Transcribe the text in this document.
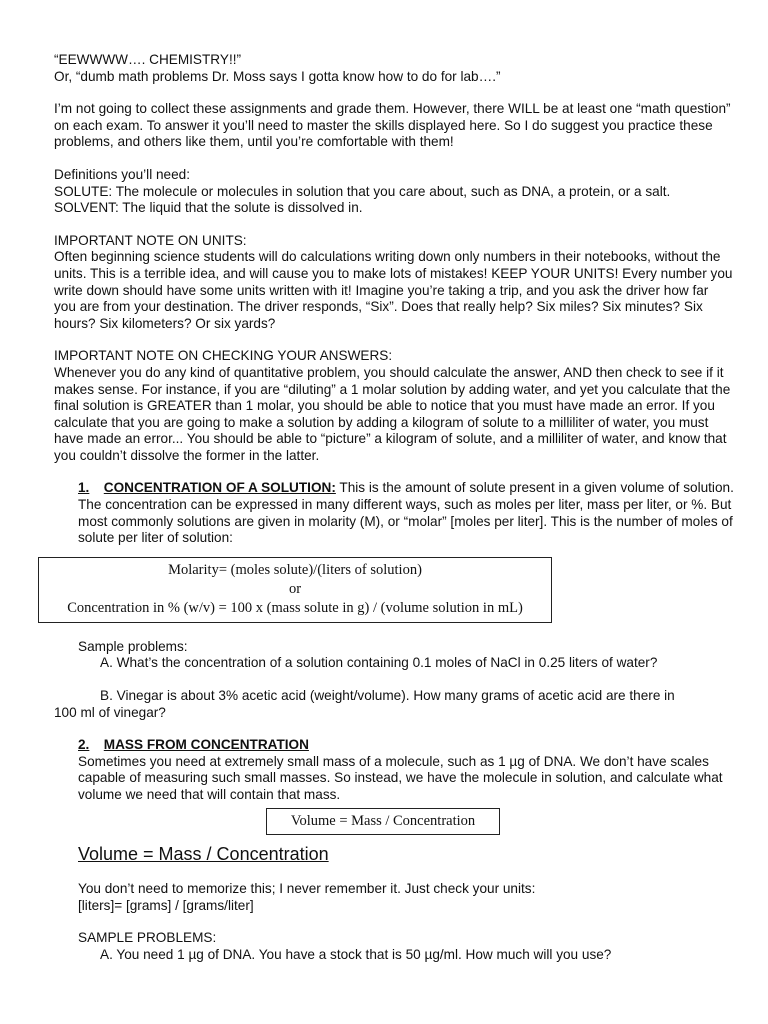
“EEWWWW…. CHEMISTRY!!”

Or, “dumb math problems Dr. Moss says I gotta know how to do for lab….”

I’m not going to collect these assignments and grade them. However, there WILL be at least one “math question” on each exam. To answer it you’ll need to master the skills displayed here. So I do suggest you practice these problems, and others like them, until you’re comfortable with them!

Definitions you’ll need:

SOLUTE: The molecule or molecules in solution that you care about, such as DNA, a protein, or a salt.

SOLVENT: The liquid that the solute is dissolved in.

IMPORTANT NOTE ON UNITS:

Often beginning science students will do calculations writing down only numbers in their notebooks, without the units. This is a terrible idea, and will cause you to make lots of mistakes! KEEP YOUR UNITS! Every number you write down should have some units written with it! Imagine you’re taking a trip, and you ask the driver how far you are from your destination. The driver responds, “Six”. Does that really help? Six miles? Six minutes? Six hours? Six kilometers? Or six yards?

IMPORTANT NOTE ON CHECKING YOUR ANSWERS:

Whenever you do any kind of quantitative problem, you should calculate the answer, AND then check to see if it makes sense. For instance, if you are “diluting” a 1 molar solution by adding water, and yet you calculate that the final solution is GREATER than 1 molar, you should be able to notice that you must have made an error. If you calculate that you are going to make a solution by adding a kilogram of solute to a milliliter of water, you must have made an error... You should be able to “picture” a kilogram of solute, and a milliliter of water, and know that you couldn’t dissolve the former in the latter.

1. CONCENTRATION OF A SOLUTION: This is the amount of solute present in a given volume of solution. The concentration can be expressed in many different ways, such as moles per liter, mass per liter, or %. But most commonly solutions are given in molarity (M), or “molar” [moles per liter]. This is the number of moles of solute per liter of solution:

Molarity= (moles solute)/(liters of solution)
or
Concentration in % (w/v) = 100 x (mass solute in g) / (volume solution in mL)

Sample problems:

A. What’s the concentration of a solution containing 0.1 moles of NaCl in 0.25 liters of water?

B. Vinegar is about 3% acetic acid (weight/volume). How many grams of acetic acid are there in

100 ml of vinegar?

2. MASS FROM CONCENTRATION

Sometimes you need at extremely small mass of a molecule, such as 1 µg of DNA. We don’t have scales capable of measuring such small masses. So instead, we have the molecule in solution, and calculate what volume we need that will contain that mass.

Volume = Mass / Concentration

Volume = Mass / Concentration

You don’t need to memorize this; I never remember it. Just check your units:

[liters]= [grams] / [grams/liter]

SAMPLE PROBLEMS:

A. You need 1 µg of DNA. You have a stock that is 50 µg/ml. How much will you use?
